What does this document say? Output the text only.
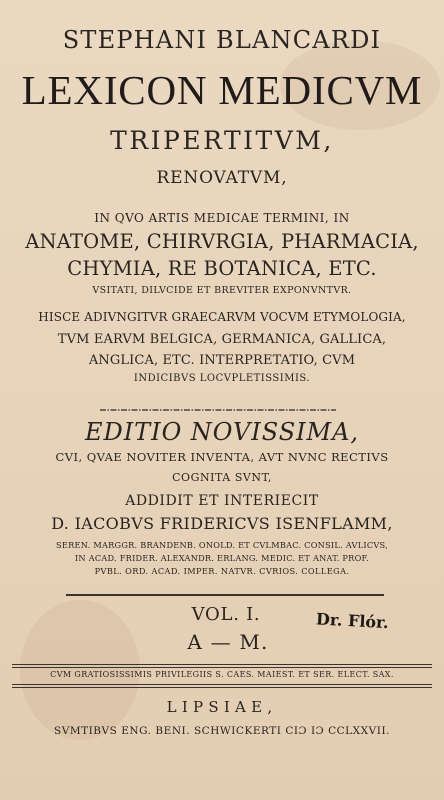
STEPHANI BLANCARDI
LEXICON MEDICVM
TRIPERTITVM,
RENOVATVM,
IN QVO ARTIS MEDICAE TERMINI, IN
ANATOME, CHIRVRGIA, PHARMACIA,
CHYMIA, RE BOTANICA, ETC.
VSITATI, DILVCIDE ET BREVITER EXPONVNTVR.
HISCE ADIVNGITVR GRAECARVM VOCVM ETYMOLOGIA,
TVM EARVM BELGICA, GERMANICA, GALLICA,
ANGLICA, ETC. INTERPRETATIO, CVM
INDICIBVS LOCVPLETISSIMIS.
EDITIO NOVISSIMA,
CVI, QVAE NOVITER INVENTA, AVT NVNC RECTIVS
COGNITA SVNT,
ADDIDIT ET INTERIECIT
D. IACOBVS FRIDERICVS ISENFLAMM,
SEREN. MARGGR. BRANDENB. ONOLD. ET CVLMBAC. CONSIL. AVLICVS,
IN ACAD. FRIDER. ALEXANDR. ERLANG. MEDIC. ET ANAT. PROF.
PVBL. ORD. ACAD. IMPER. NATVR. CVRIOS. COLLEGA.
VOL. I.
A — M.
Dr. Flór.
CVM GRATIOSISSIMIS PRIVILEGIIS S. CAES. MAIEST. ET SER. ELECT. SAX.
LIPSIAE,
SVMTIBVS ENG. BENI. SCHWICKERTI CIƆ IƆ CCLXXVII.
